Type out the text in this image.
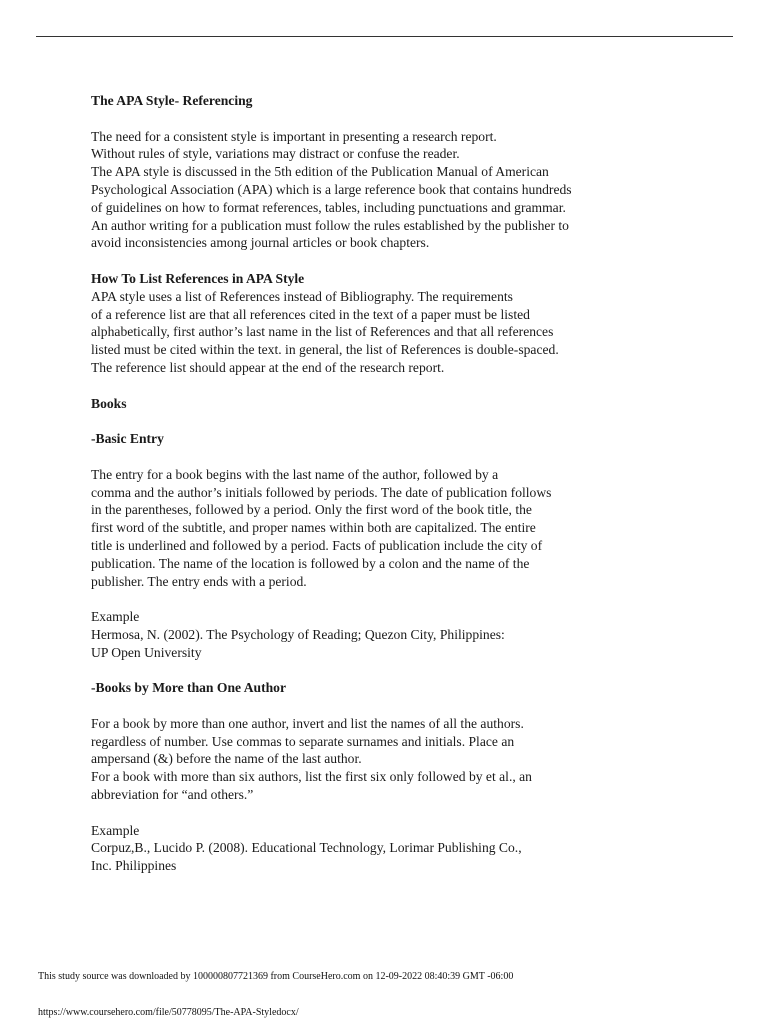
The APA Style- Referencing
The need for a consistent style is important in presenting a research report.
Without rules of style, variations may distract or confuse the reader.
The APA style is discussed in the 5th edition of the Publication Manual of American
Psychological Association (APA) which is a large reference book that contains hundreds
of guidelines on how to format references, tables, including punctuations and grammar.
An author writing for a publication must follow the rules established by the publisher to
avoid inconsistencies among journal articles or book chapters.
How To List References in APA Style
APA style uses a list of References instead of Bibliography. The requirements
of a reference list are that all references cited in the text of a paper must be listed
alphabetically, first author’s last name in the list of References and that all references
listed must be cited within the text. in general, the list of References is double-spaced.
The reference list should appear at the end of the research report.
Books
-Basic Entry
The entry for a book begins with the last name of the author, followed by a
comma and the author’s initials followed by periods. The date of publication follows
in the parentheses, followed by a period. Only the first word of the book title, the
first word of the subtitle, and proper names within both are capitalized. The entire
title is underlined and followed by a period. Facts of publication include the city of
publication. The name of the location is followed by a colon and the name of the
publisher. The entry ends with a period.
Example
Hermosa, N. (2002). The Psychology of Reading; Quezon City, Philippines:
UP Open University
-Books by More than One Author
For a book by more than one author, invert and list the names of all the authors.
regardless of number. Use commas to separate surnames and initials. Place an
ampersand (&) before the name of the last author.
For a book with more than six authors, list the first six only followed by et al., an
abbreviation for “and others.”
Example
Corpuz,B., Lucido P. (2008). Educational Technology, Lorimar Publishing Co.,
Inc. Philippines
This study source was downloaded by 100000807721369 from CourseHero.com on 12-09-2022 08:40:39 GMT -06:00
https://www.coursehero.com/file/50778095/The-APA-Styledocx/
